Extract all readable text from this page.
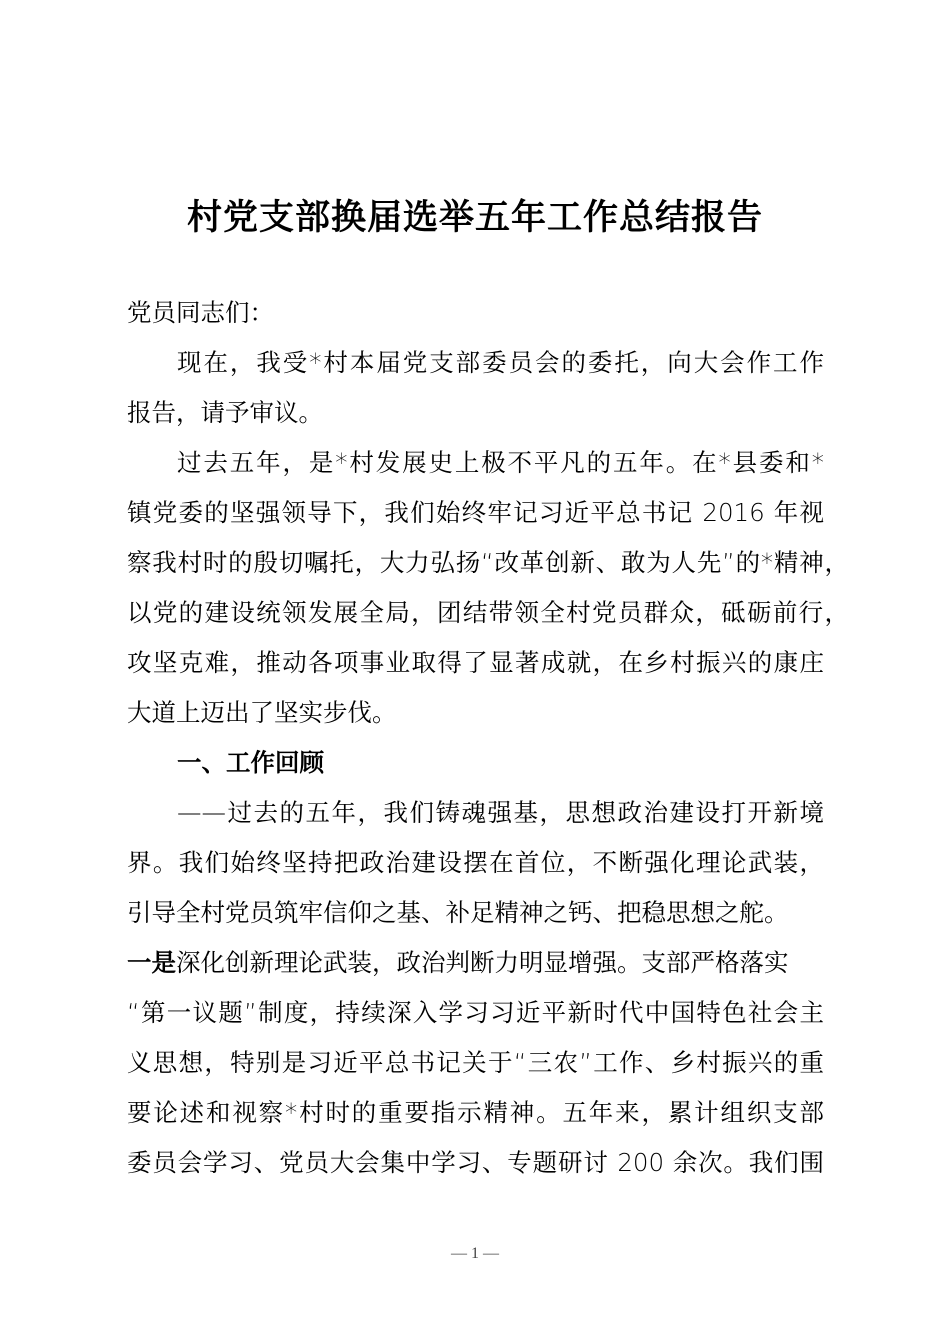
村党支部换届选举五年工作总结报告
党员同志们：
现在，我受*村本届党支部委员会的委托，向大会作工作
报告，请予审议。
过去五年，是*村发展史上极不平凡的五年。在*县委和*
镇党委的坚强领导下，我们始终牢记习近平总书记 2016 年视
察我村时的殷切嘱托，大力弘扬“改革创新、敢为人先”的*精神，
以党的建设统领发展全局，团结带领全村党员群众，砥砺前行，
攻坚克难，推动各项事业取得了显著成就，在乡村振兴的康庄
大道上迈出了坚实步伐。
一、工作回顾
——过去的五年，我们铸魂强基，思想政治建设打开新境
界。我们始终坚持把政治建设摆在首位，不断强化理论武装，
引导全村党员筑牢信仰之基、补足精神之钙、把稳思想之舵。
一是深化创新理论武装，政治判断力明显增强。支部严格落实
“第一议题”制度，持续深入学习习近平新时代中国特色社会主
义思想，特别是习近平总书记关于“三农”工作、乡村振兴的重
要论述和视察*村时的重要指示精神。五年来，累计组织支部
委员会学习、党员大会集中学习、专题研讨 200 余次。我们围
— 1 —
